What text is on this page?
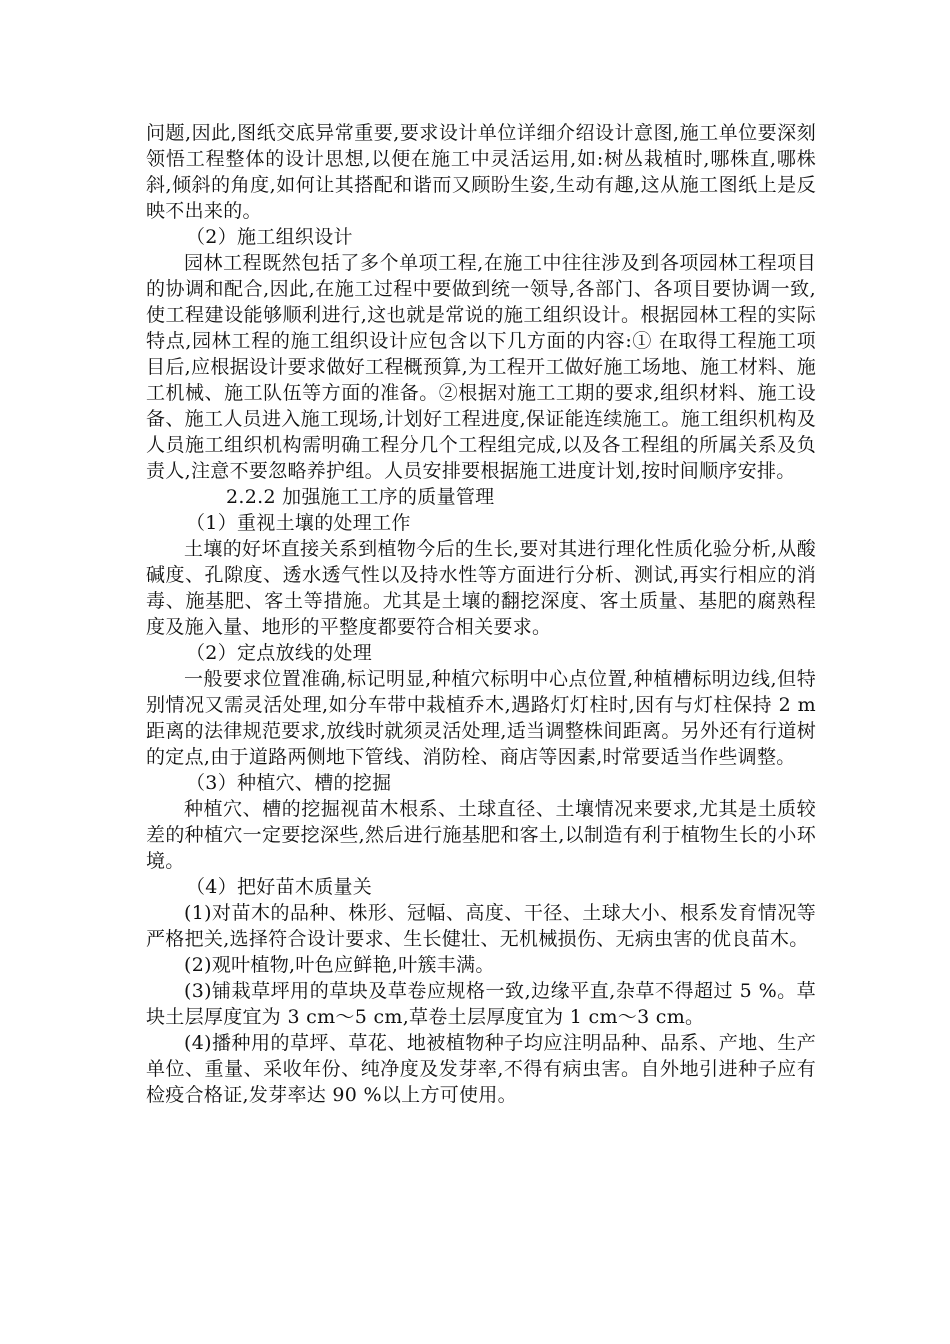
问题,因此,图纸交底异常重要,要求设计单位详细介绍设计意图,施工单位要深刻领悟工程整体的设计思想,以便在施工中灵活运用,如:树丛栽植时,哪株直,哪株斜,倾斜的角度,如何让其搭配和谐而又顾盼生姿,生动有趣,这从施工图纸上是反映不出来的。

（2）施工组织设计

园林工程既然包括了多个单项工程,在施工中往往涉及到各项园林工程项目的协调和配合,因此,在施工过程中要做到统一领导,各部门、各项目要协调一致,使工程建设能够顺利进行,这也就是常说的施工组织设计。根据园林工程的实际特点,园林工程的施工组织设计应包含以下几方面的内容:① 在取得工程施工项目后,应根据设计要求做好工程概预算,为工程开工做好施工场地、施工材料、施工机械、施工队伍等方面的准备。②根据对施工工期的要求,组织材料、施工设备、施工人员进入施工现场,计划好工程进度,保证能连续施工。施工组织机构及人员施工组织机构需明确工程分几个工程组完成,以及各工程组的所属关系及负责人,注意不要忽略养护组。人员安排要根据施工进度计划,按时间顺序安排。

2.2.2 加强施工工序的质量管理

（1）重视土壤的处理工作

土壤的好坏直接关系到植物今后的生长,要对其进行理化性质化验分析,从酸碱度、孔隙度、透水透气性以及持水性等方面进行分析、测试,再实行相应的消毒、施基肥、客土等措施。尤其是土壤的翻挖深度、客土质量、基肥的腐熟程度及施入量、地形的平整度都要符合相关要求。

（2）定点放线的处理

一般要求位置准确,标记明显,种植穴标明中心点位置,种植槽标明边线,但特别情况又需灵活处理,如分车带中栽植乔木,遇路灯灯柱时,因有与灯柱保持 2 m距离的法律规范要求,放线时就须灵活处理,适当调整株间距离。另外还有行道树的定点,由于道路两侧地下管线、消防栓、商店等因素,时常要适当作些调整。

（3）种植穴、槽的挖掘

种植穴、槽的挖掘视苗木根系、土球直径、土壤情况来要求,尤其是土质较差的种植穴一定要挖深些,然后进行施基肥和客土,以制造有利于植物生长的小环境。

（4）把好苗木质量关

(1)对苗木的品种、株形、冠幅、高度、干径、土球大小、根系发育情况等严格把关,选择符合设计要求、生长健壮、无机械损伤、无病虫害的优良苗木。

(2)观叶植物,叶色应鲜艳,叶簇丰满。

(3)铺栽草坪用的草块及草卷应规格一致,边缘平直,杂草不得超过 5 %。草块土层厚度宜为 3 cm～5 cm,草卷土层厚度宜为 1 cm～3 cm。

(4)播种用的草坪、草花、地被植物种子均应注明品种、品系、产地、生产单位、重量、采收年份、纯净度及发芽率,不得有病虫害。自外地引进种子应有检疫合格证,发芽率达 90 %以上方可使用。
